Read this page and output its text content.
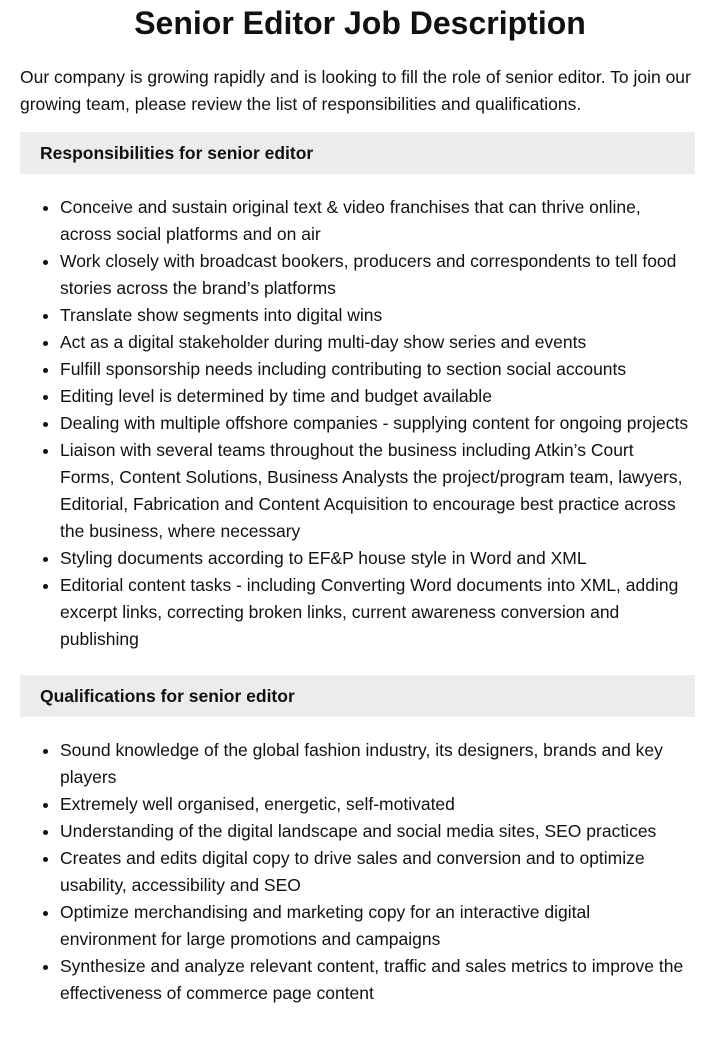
Senior Editor Job Description

Our company is growing rapidly and is looking to fill the role of senior editor. To join our growing team, please review the list of responsibilities and qualifications.

Responsibilities for senior editor
• Conceive and sustain original text & video franchises that can thrive online, across social platforms and on air
• Work closely with broadcast bookers, producers and correspondents to tell food stories across the brand’s platforms
• Translate show segments into digital wins
• Act as a digital stakeholder during multi-day show series and events
• Fulfill sponsorship needs including contributing to section social accounts
• Editing level is determined by time and budget available
• Dealing with multiple offshore companies - supplying content for ongoing projects
• Liaison with several teams throughout the business including Atkin’s Court Forms, Content Solutions, Business Analysts the project/program team, lawyers, Editorial, Fabrication and Content Acquisition to encourage best practice across the business, where necessary
• Styling documents according to EF&P house style in Word and XML
• Editorial content tasks - including Converting Word documents into XML, adding excerpt links, correcting broken links, current awareness conversion and publishing
Qualifications for senior editor
• Sound knowledge of the global fashion industry, its designers, brands and key players
• Extremely well organised, energetic, self-motivated
• Understanding of the digital landscape and social media sites, SEO practices
• Creates and edits digital copy to drive sales and conversion and to optimize usability, accessibility and SEO
• Optimize merchandising and marketing copy for an interactive digital environment for large promotions and campaigns
• Synthesize and analyze relevant content, traffic and sales metrics to improve the effectiveness of commerce page content
